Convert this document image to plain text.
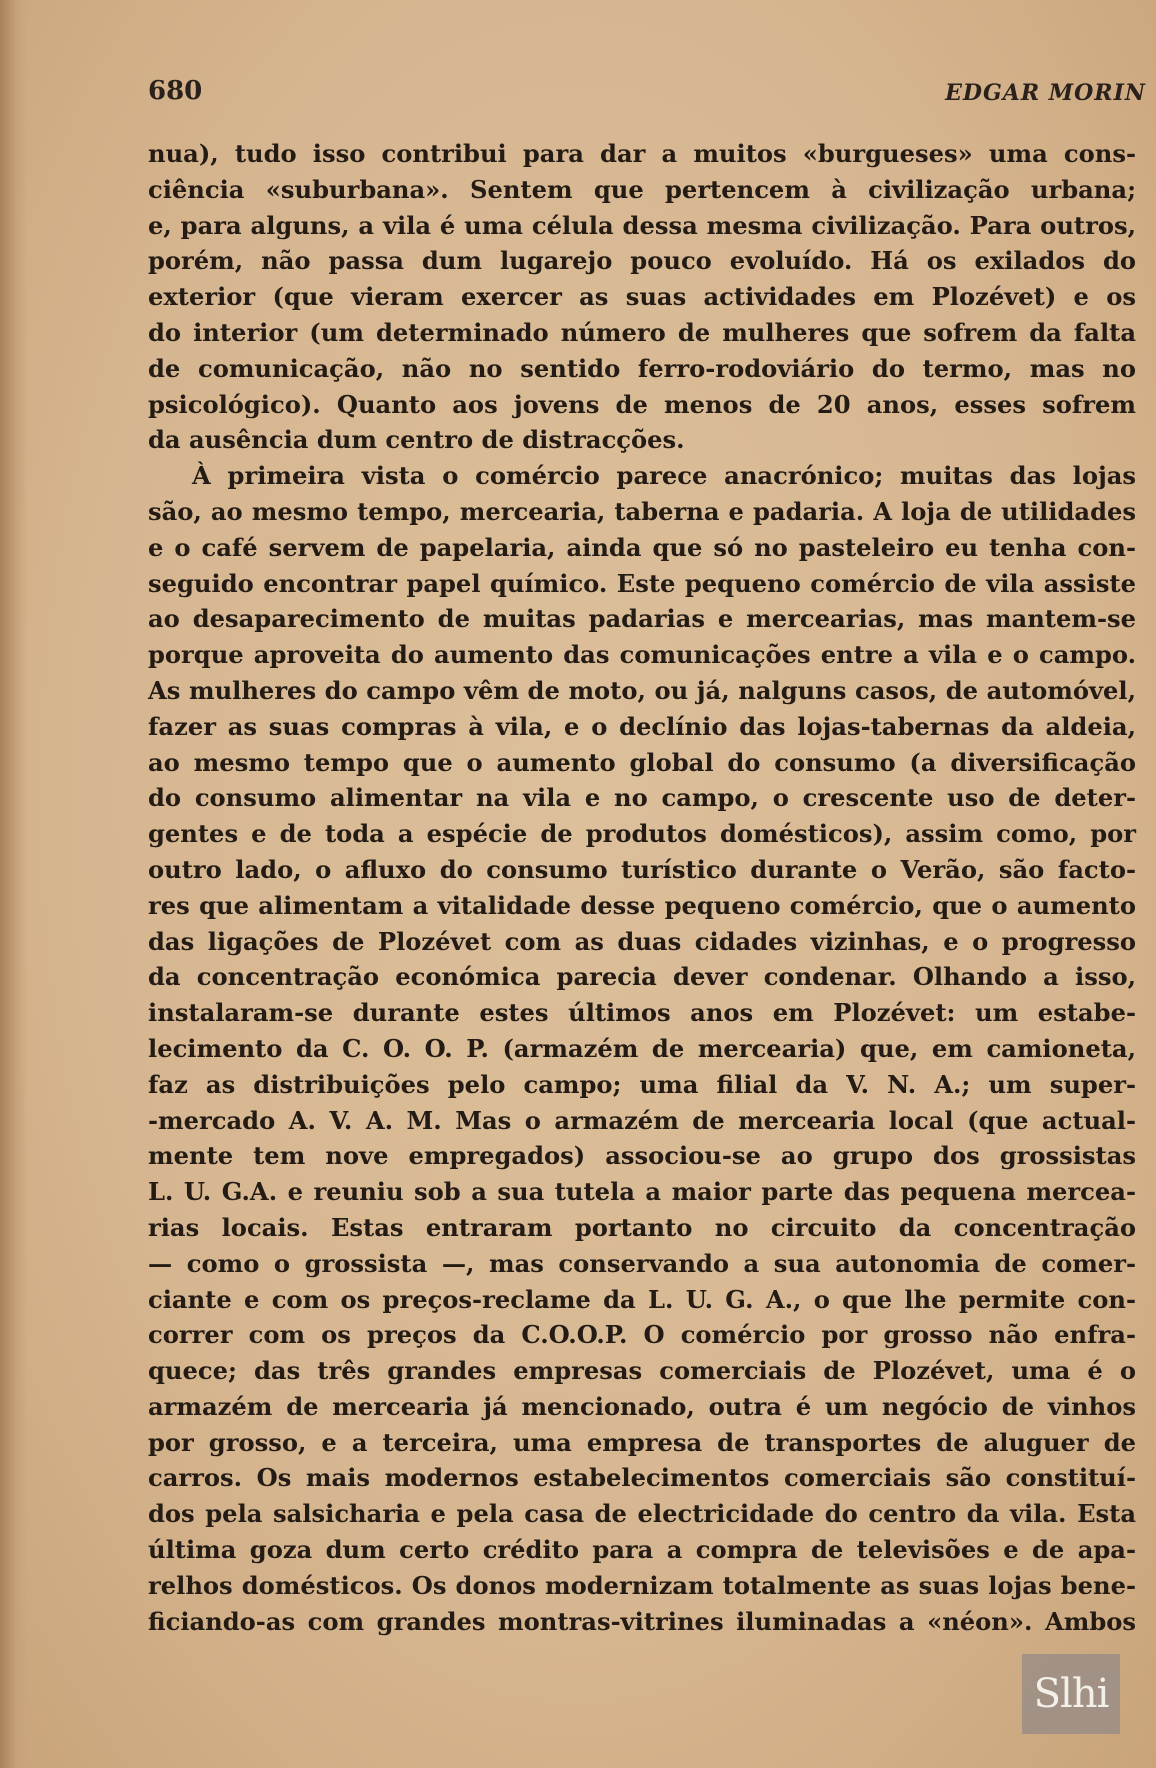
680	EDGAR MORIN
nua), tudo isso contribui para dar a muitos «burgueses» uma cons-
ciência «suburbana». Sentem que pertencem à civilização urbana;
e, para alguns, a vila é uma célula dessa mesma civilização. Para outros,
porém, não passa dum lugarejo pouco evoluído. Há os exilados do
exterior (que vieram exercer as suas actividades em Plozévet) e os
do interior (um determinado número de mulheres que sofrem da falta
de comunicação, não no sentido ferro-rodoviário do termo, mas no
psicológico). Quanto aos jovens de menos de 20 anos, esses sofrem
da ausência dum centro de distracções.
À primeira vista o comércio parece anacrónico; muitas das lojas
são, ao mesmo tempo, mercearia, taberna e padaria. A loja de utilidades
e o café servem de papelaria, ainda que só no pasteleiro eu tenha con-
seguido encontrar papel químico. Este pequeno comércio de vila assiste
ao desaparecimento de muitas padarias e mercearias, mas mantem-se
porque aproveita do aumento das comunicações entre a vila e o campo.
As mulheres do campo vêm de moto, ou já, nalguns casos, de automóvel,
fazer as suas compras à vila, e o declínio das lojas-tabernas da aldeia,
ao mesmo tempo que o aumento global do consumo (a diversificação
do consumo alimentar na vila e no campo, o crescente uso de deter-
gentes e de toda a espécie de produtos domésticos), assim como, por
outro lado, o afluxo do consumo turístico durante o Verão, são facto-
res que alimentam a vitalidade desse pequeno comércio, que o aumento
das ligações de Plozévet com as duas cidades vizinhas, e o progresso
da concentração económica parecia dever condenar. Olhando a isso,
instalaram-se durante estes últimos anos em Plozévet: um estabe-
lecimento da C. O. O. P. (armazém de mercearia) que, em camioneta,
faz as distribuições pelo campo; uma filial da V. N. A.; um super-
-mercado A. V. A. M. Mas o armazém de mercearia local (que actual-
mente tem nove empregados) associou-se ao grupo dos grossistas
L. U. G.A. e reuniu sob a sua tutela a maior parte das pequena mercea-
rias locais. Estas entraram portanto no circuito da concentração
— como o grossista —, mas conservando a sua autonomia de comer-
ciante e com os preços-reclame da L. U. G. A., o que lhe permite con-
correr com os preços da C.O.O.P. O comércio por grosso não enfra-
quece; das três grandes empresas comerciais de Plozévet, uma é o
armazém de mercearia já mencionado, outra é um negócio de vinhos
por grosso, e a terceira, uma empresa de transportes de aluguer de
carros. Os mais modernos estabelecimentos comerciais são constituí-
dos pela salsicharia e pela casa de electricidade do centro da vila. Esta
última goza dum certo crédito para a compra de televisões e de apa-
relhos domésticos. Os donos modernizam totalmente as suas lojas bene-
ficiando-as com grandes montras-vitrines iluminadas a «néon». Ambos
Slhi
